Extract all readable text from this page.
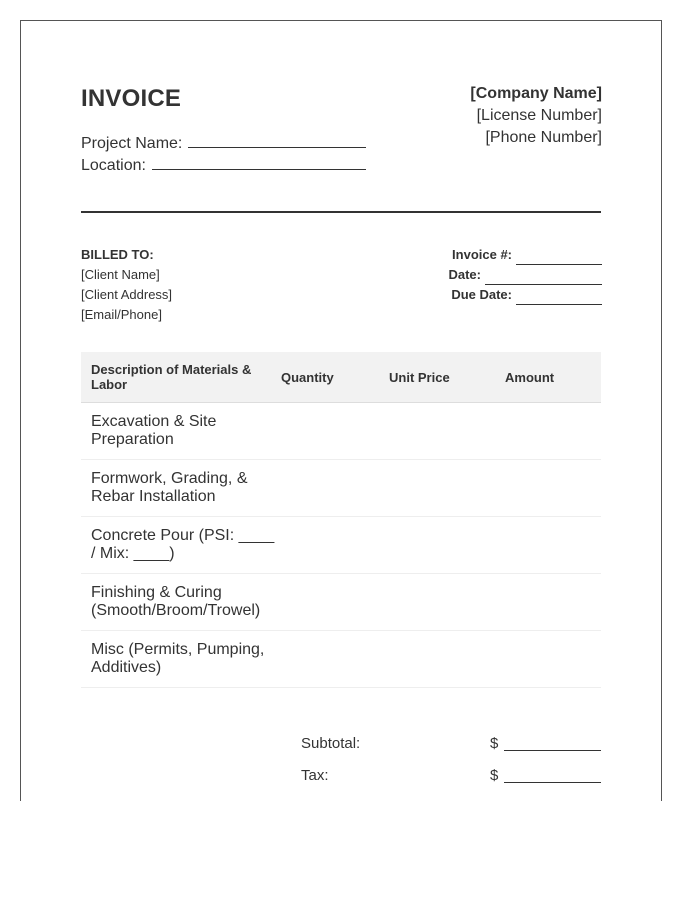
INVOICE
Project Name:
Location:
[Company Name]
[License Number]
[Phone Number]
BILLED TO:
[Client Name]
[Client Address]
[Email/Phone]
Invoice #:
Date:
Due Date:
Description of Materials & Labor	Quantity	Unit Price	Amount
Excavation & Site Preparation
Formwork, Grading, & Rebar Installation
Concrete Pour (PSI: ____ / Mix: ____)
Finishing & Curing (Smooth/Broom/Trowel)
Misc (Permits, Pumping, Additives)
Subtotal:	$
Tax:	$
